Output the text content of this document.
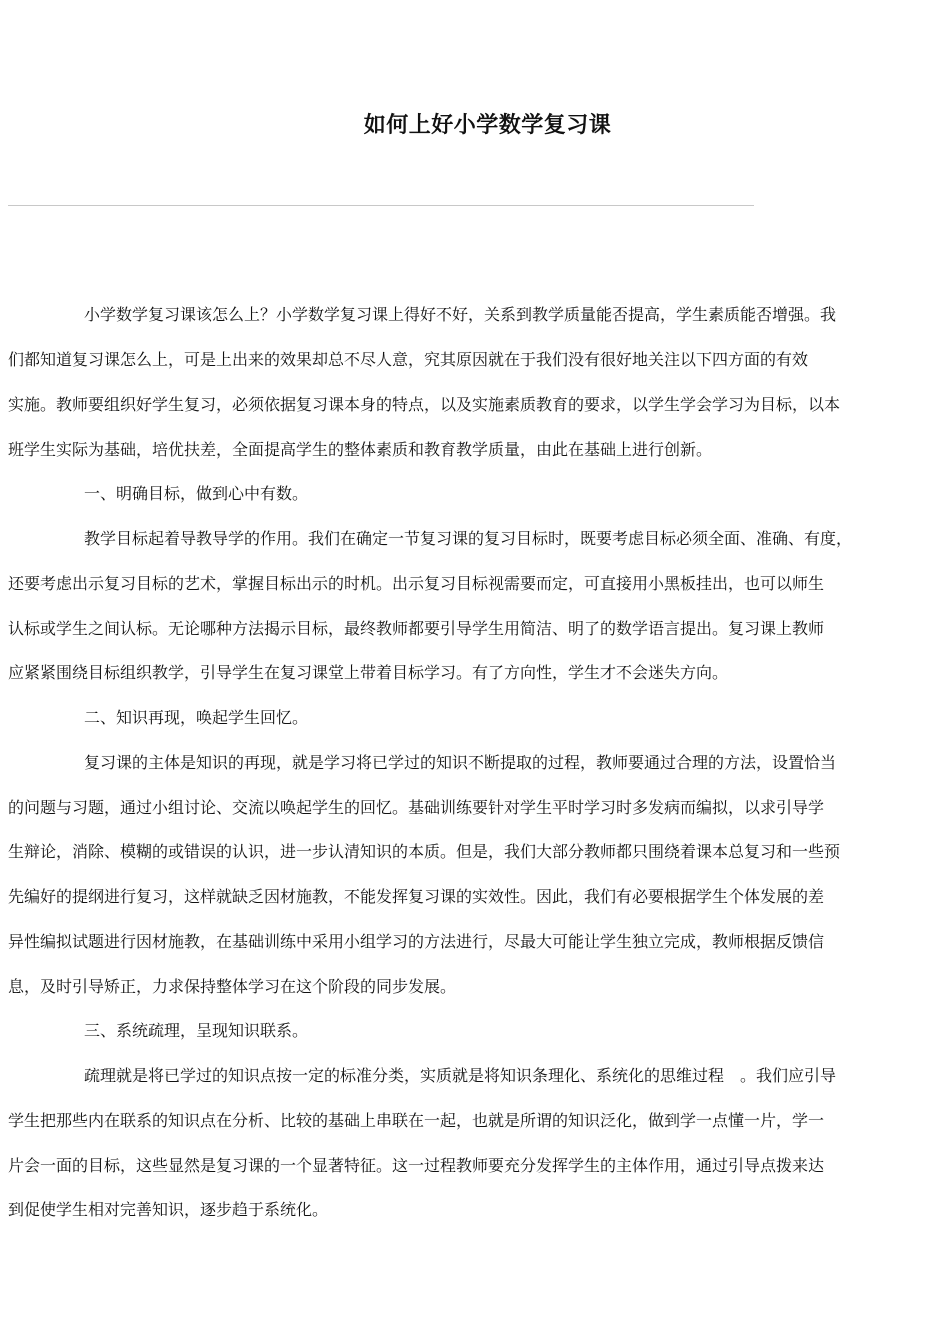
如何上好小学数学复习课
小学数学复习课该怎么上？小学数学复习课上得好不好，关系到教学质量能否提高，学生素质能否增强。我
们都知道复习课怎么上，可是上出来的效果却总不尽人意，究其原因就在于我们没有很好地关注以下四方面的有效
实施。教师要组织好学生复习，必须依据复习课本身的特点，以及实施素质教育的要求，以学生学会学习为目标，以本
班学生实际为基础，培优扶差，全面提高学生的整体素质和教育教学质量，由此在基础上进行创新。
一、明确目标，做到心中有数。
教学目标起着导教导学的作用。我们在确定一节复习课的复习目标时，既要考虑目标必须全面、准确、有度，
还要考虑出示复习目标的艺术，掌握目标出示的时机。出示复习目标视需要而定，可直接用小黑板挂出，也可以师生
认标或学生之间认标。无论哪种方法揭示目标，最终教师都要引导学生用简洁、明了的数学语言提出。复习课上教师
应紧紧围绕目标组织教学，引导学生在复习课堂上带着目标学习。有了方向性，学生才不会迷失方向。
二、知识再现，唤起学生回忆。
复习课的主体是知识的再现，就是学习将已学过的知识不断提取的过程，教师要通过合理的方法，设置恰当
的问题与习题，通过小组讨论、交流以唤起学生的回忆。基础训练要针对学生平时学习时多发病而编拟，以求引导学
生辩论，消除、模糊的或错误的认识，进一步认清知识的本质。但是，我们大部分教师都只围绕着课本总复习和一些预
先编好的提纲进行复习，这样就缺乏因材施教，不能发挥复习课的实效性。因此，我们有必要根据学生个体发展的差
异性编拟试题进行因材施教，在基础训练中采用小组学习的方法进行，尽最大可能让学生独立完成，教师根据反馈信
息，及时引导矫正，力求保持整体学习在这个阶段的同步发展。
三、系统疏理，呈现知识联系。
疏理就是将已学过的知识点按一定的标准分类，实质就是将知识条理化、系统化的思维过程　。我们应引导
学生把那些内在联系的知识点在分析、比较的基础上串联在一起，也就是所谓的知识泛化，做到学一点懂一片，学一
片会一面的目标，这些显然是复习课的一个显著特征。这一过程教师要充分发挥学生的主体作用，通过引导点拨来达
到促使学生相对完善知识，逐步趋于系统化。
